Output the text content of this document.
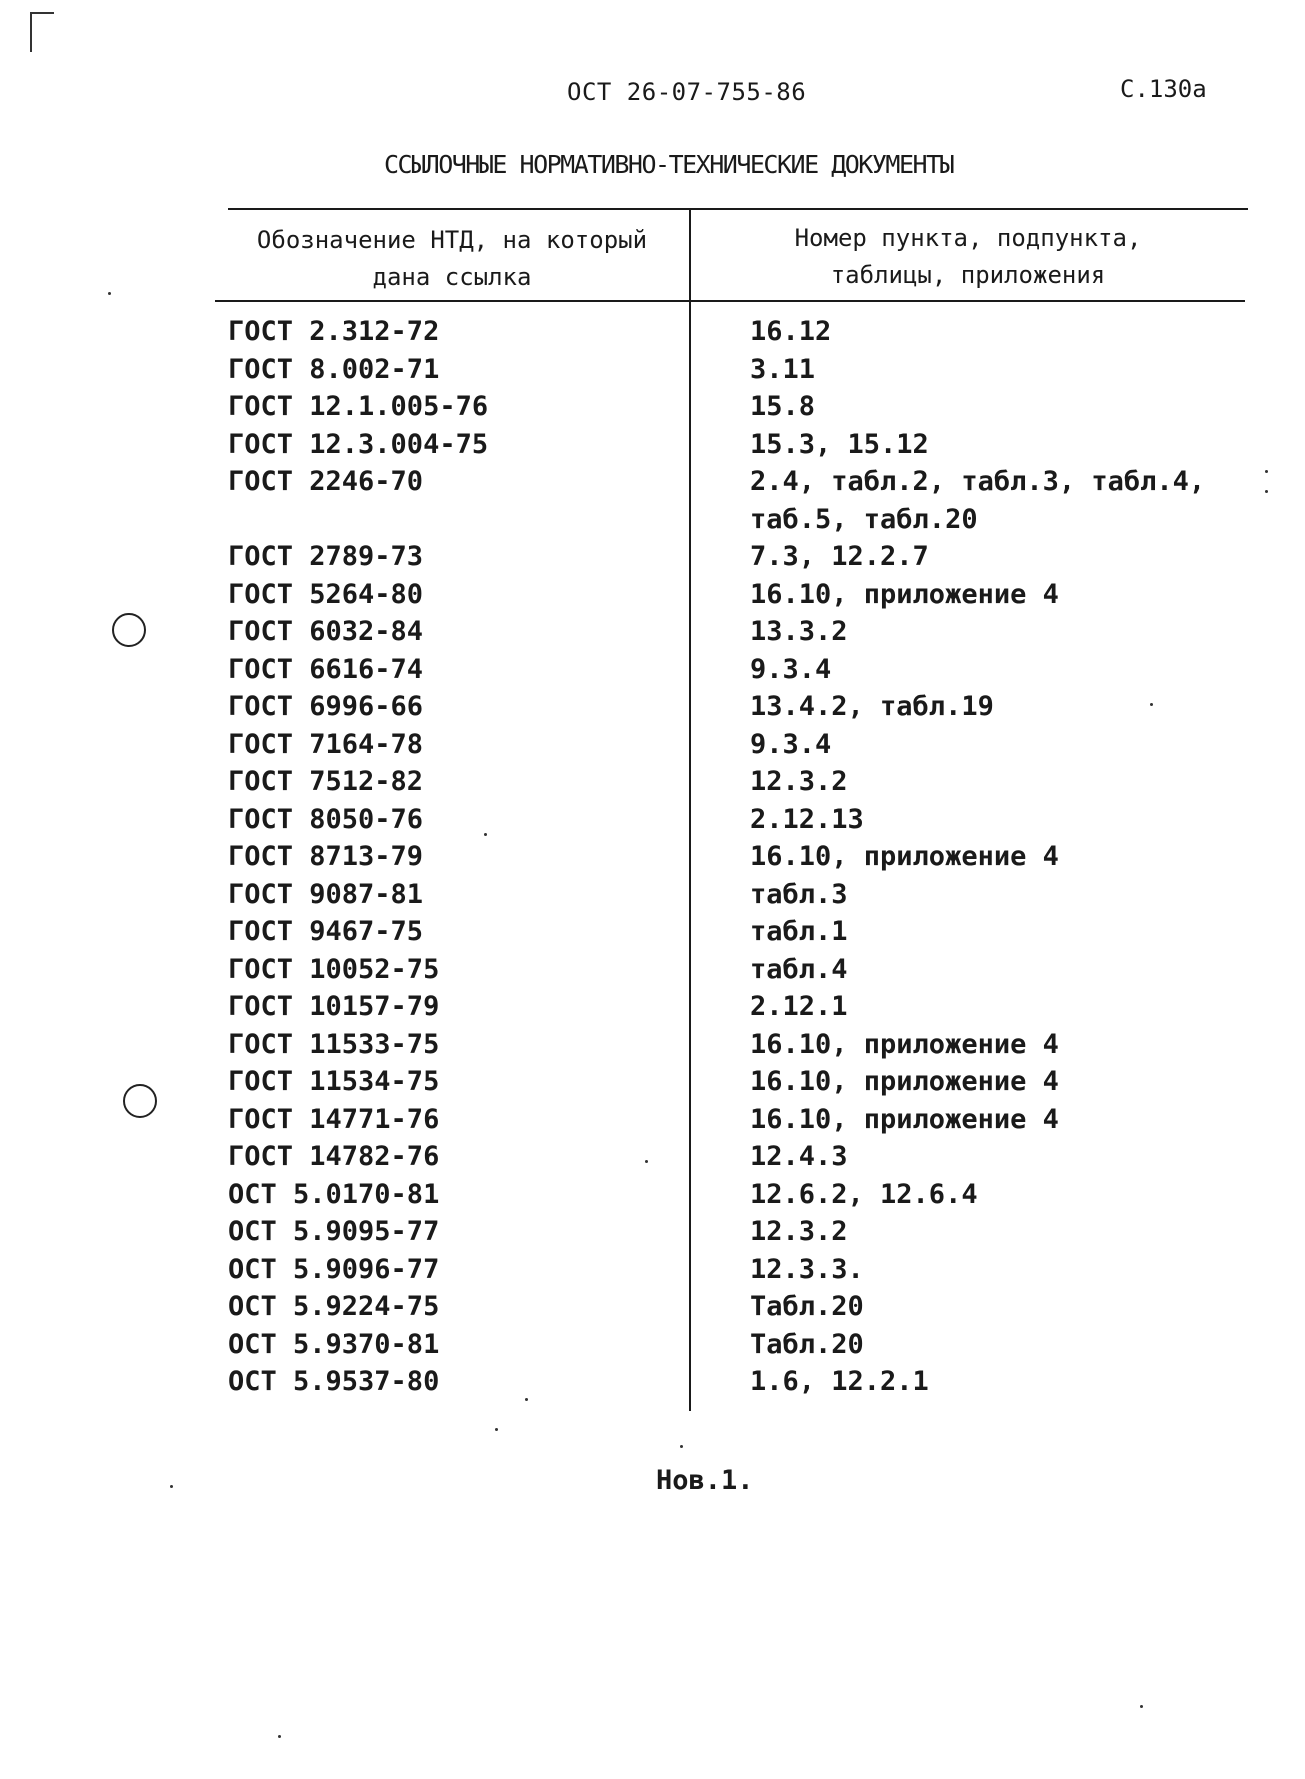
ОСТ 26-07-755-86	С.130а
ССЫЛОЧНЫЕ НОРМАТИВНО-ТЕХНИЧЕСКИЕ ДОКУМЕНТЫ
Обозначение НТД, на который
дана ссылка
Номер пункта, подпункта,
таблицы, приложения
ГОСТ 2.312-72
ГОСТ 8.002-71
ГОСТ 12.1.005-76
ГОСТ 12.3.004-75
ГОСТ 2246-70
ГОСТ 2789-73
ГОСТ 5264-80
ГОСТ 6032-84
ГОСТ 6616-74
ГОСТ 6996-66
ГОСТ 7164-78
ГОСТ 7512-82
ГОСТ 8050-76
ГОСТ 8713-79
ГОСТ 9087-81
ГОСТ 9467-75
ГОСТ 10052-75
ГОСТ 10157-79
ГОСТ 11533-75
ГОСТ 11534-75
ГОСТ 14771-76
ГОСТ 14782-76
ОСТ 5.0170-81
ОСТ 5.9095-77
ОСТ 5.9096-77
ОСТ 5.9224-75
ОСТ 5.9370-81
ОСТ 5.9537-80
16.12
3.11
15.8
15.3, 15.12
2.4, табл.2, табл.3, табл.4,
таб.5, табл.20
7.3, 12.2.7
16.10, приложение 4
13.3.2
9.3.4
13.4.2, табл.19
9.3.4
12.3.2
2.12.13
16.10, приложение 4
табл.3
табл.1
табл.4
2.12.1
16.10, приложение 4
16.10, приложение 4
16.10, приложение 4
12.4.3
12.6.2, 12.6.4
12.3.2
12.3.3.
Табл.20
Табл.20
1.6, 12.2.1
Нов.1.
